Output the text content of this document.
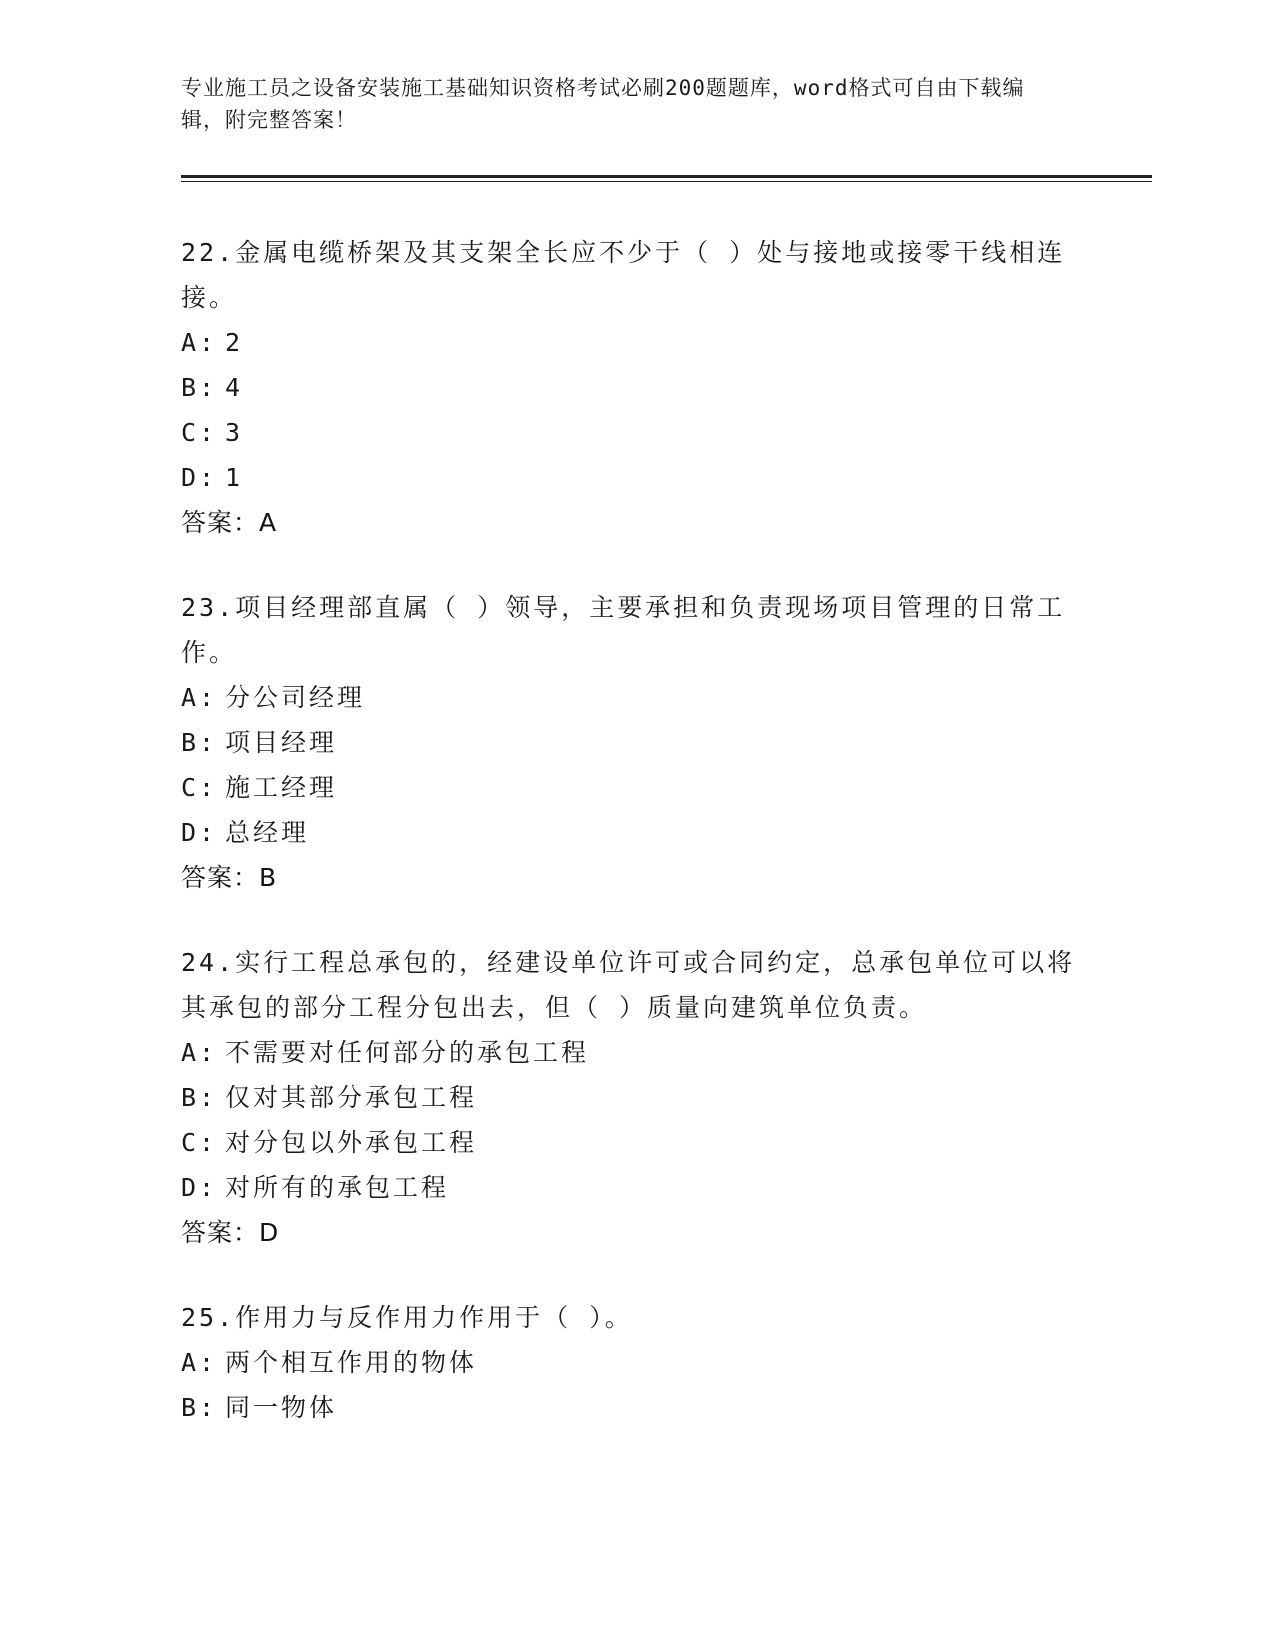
专业施工员之设备安装施工基础知识资格考试必刷200题题库，word格式可自由下载编辑，附完整答案！
22.金属电缆桥架及其支架全长应不少于（ ）处与接地或接零干线相连接。
A: 2
B: 4
C: 3
D: 1
答案：A
23.项目经理部直属（ ）领导，主要承担和负责现场项目管理的日常工作。
A: 分公司经理
B: 项目经理
C: 施工经理
D: 总经理
答案：B
24.实行工程总承包的，经建设单位许可或合同约定，总承包单位可以将其承包的部分工程分包出去，但（ ）质量向建筑单位负责。
A: 不需要对任何部分的承包工程
B: 仅对其部分承包工程
C: 对分包以外承包工程
D: 对所有的承包工程
答案：D
25.作用力与反作用力作用于（ ）。
A: 两个相互作用的物体
B: 同一物体
